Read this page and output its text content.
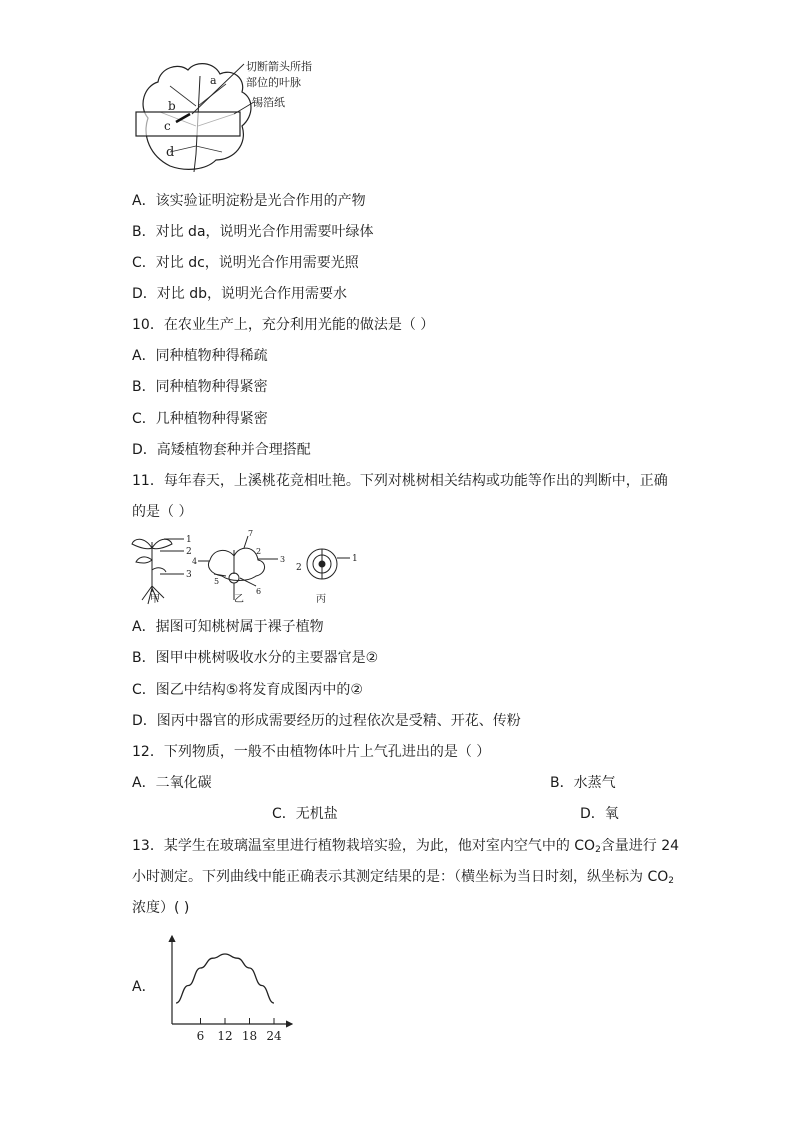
a
b
c
d
切断箭头所指
部位的叶脉
锡箔纸
A．该实验证明淀粉是光合作用的产物
B．对比 da，说明光合作用需要叶绿体
C．对比 dc，说明光合作用需要光照
D．对比 db，说明光合作用需要水
10．在农业生产上，充分利用光能的做法是（ ）
A．同种植物种得稀疏
B．同种植物种得紧密
C．几种植物种得紧密
D．高矮植物套种并合理搭配
11．每年春天，上溪桃花竞相吐艳。下列对桃树相关结构或功能等作出的判断中，正确
的是（ ）
1
2
3
7
2
4	3
5
6
1
2
甲	乙	丙
A．据图可知桃树属于裸子植物
B．图甲中桃树吸收水分的主要器官是②
C．图乙中结构⑤将发育成图丙中的②
D．图丙中器官的形成需要经历的过程依次是受精、开花、传粉
12．下列物质，一般不由植物体叶片上气孔进出的是（ ）
A．二氧化碳	B．水蒸气
C．无机盐	D．氧
13．某学生在玻璃温室里进行植物栽培实验，为此，他对室内空气中的 $CO_2$含量进行 24
小时测定。下列曲线中能正确表示其测定结果的是：（横坐标为当日时刻，纵坐标为 $CO_2$
浓度）( )
A．
6 12 18 24
